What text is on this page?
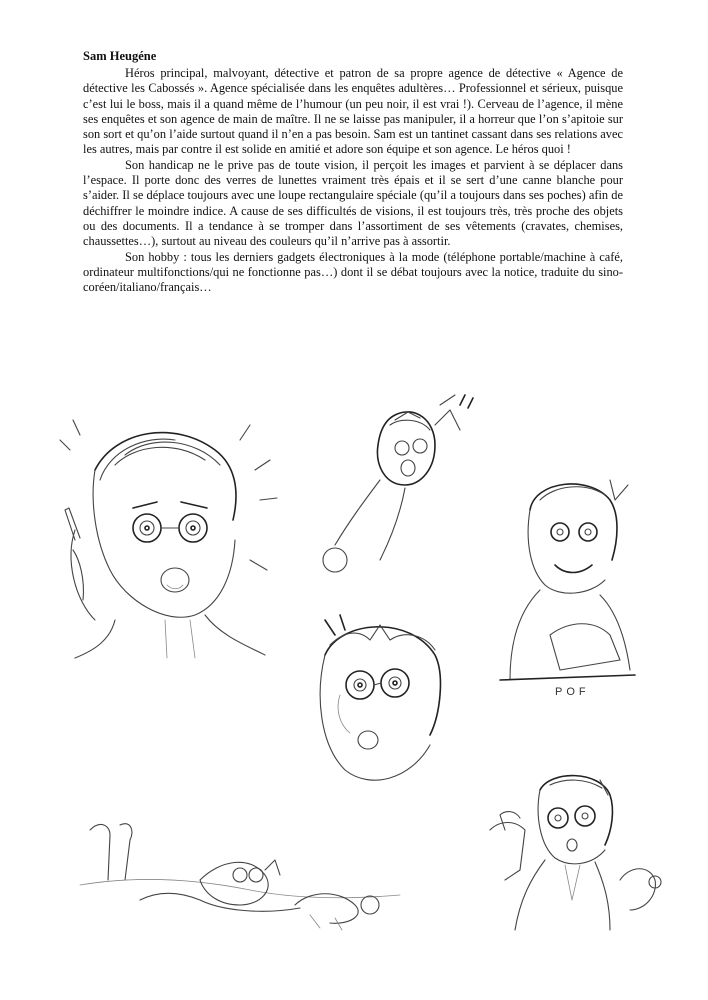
Sam Heugéne

Héros principal, malvoyant, détective et patron de sa propre agence de détective « Agence de détective les Cabossés ». Agence spécialisée dans les enquêtes adultères… Professionnel et sérieux, puisque c’est lui le boss, mais il a quand même de l’humour (un peu noir, il est vrai !). Cerveau de l’agence, il mène ses enquêtes et son agence de main de maître. Il ne se laisse pas manipuler, il a horreur que l’on s’apitoie sur son sort et qu’on l’aide surtout quand il n’en a pas besoin. Sam est un tantinet cassant dans ses relations avec les autres, mais par contre il est solide en amitié et adore son équipe et son agence. Le héros quoi !

Son handicap ne le prive pas de toute vision, il perçoit les images et parvient à se déplacer dans l’espace. Il porte donc des verres de lunettes vraiment très épais et il se sert d’une canne blanche pour s’aider. Il se déplace toujours avec une loupe rectangulaire spéciale (qu’il a toujours dans ses poches) afin de déchiffrer le moindre indice. A cause de ses difficultés de visions, il est toujours très, très proche des objets ou des documents. Il a tendance à se tromper dans l’assortiment de ses vêtements (cravates, chemises, chaussettes…), surtout au niveau des couleurs qu’il n’arrive pas à assortir.

Son hobby : tous les derniers gadgets électroniques à la mode (téléphone portable/machine à café, ordinateur multifonctions/qui ne fonctionne pas…) dont il se débat toujours avec la notice, traduite du sino-coréen/italiano/français…

POF
